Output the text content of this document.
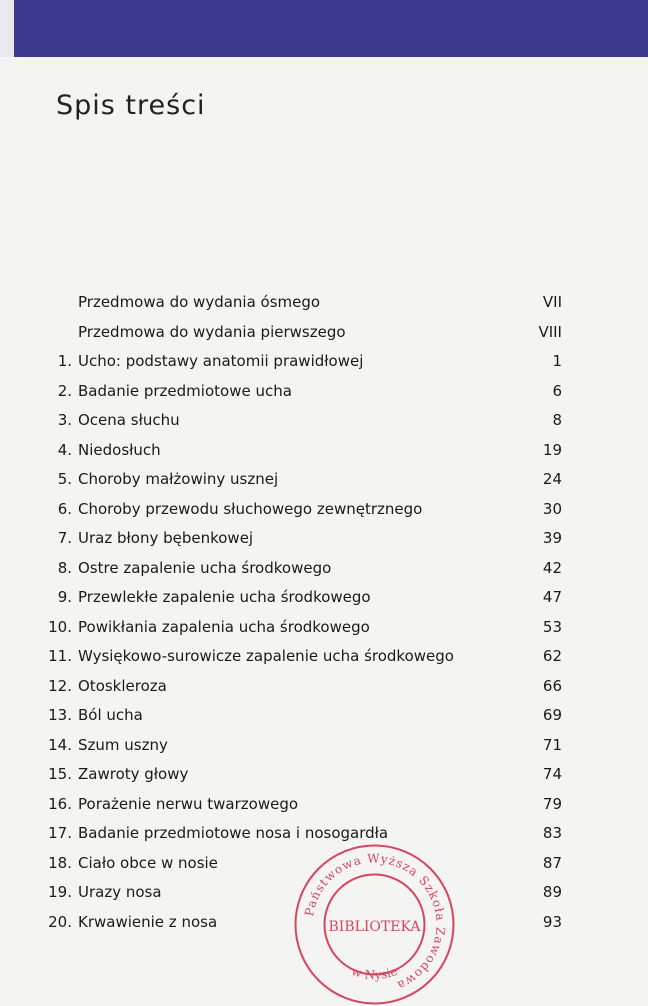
Spis treści
Przedmowa do wydania ósmego	VII
Przedmowa do wydania pierwszego	VIII
1. Ucho: podstawy anatomii prawidłowej	1
2. Badanie przedmiotowe ucha	6
3. Ocena słuchu	8
4. Niedosłuch	19
5. Choroby małżowiny usznej	24
6. Choroby przewodu słuchowego zewnętrznego	30
7. Uraz błony bębenkowej	39
8. Ostre zapalenie ucha środkowego	42
9. Przewlekłe zapalenie ucha środkowego	47
10. Powikłania zapalenia ucha środkowego	53
11. Wysiękowo-surowicze zapalenie ucha środkowego	62
12. Otoskleroza	66
13. Ból ucha	69
14. Szum uszny	71
15. Zawroty głowy	74
16. Porażenie nerwu twarzowego	79
17. Badanie przedmiotowe nosa i nosogardła	83
18. Ciało obce w nosie	87
19. Urazy nosa	89
20. Krwawienie z nosa	93
Państwowa Wyższa Szkoła Zawodowa
w Nysie
BIBLIOTEKA
